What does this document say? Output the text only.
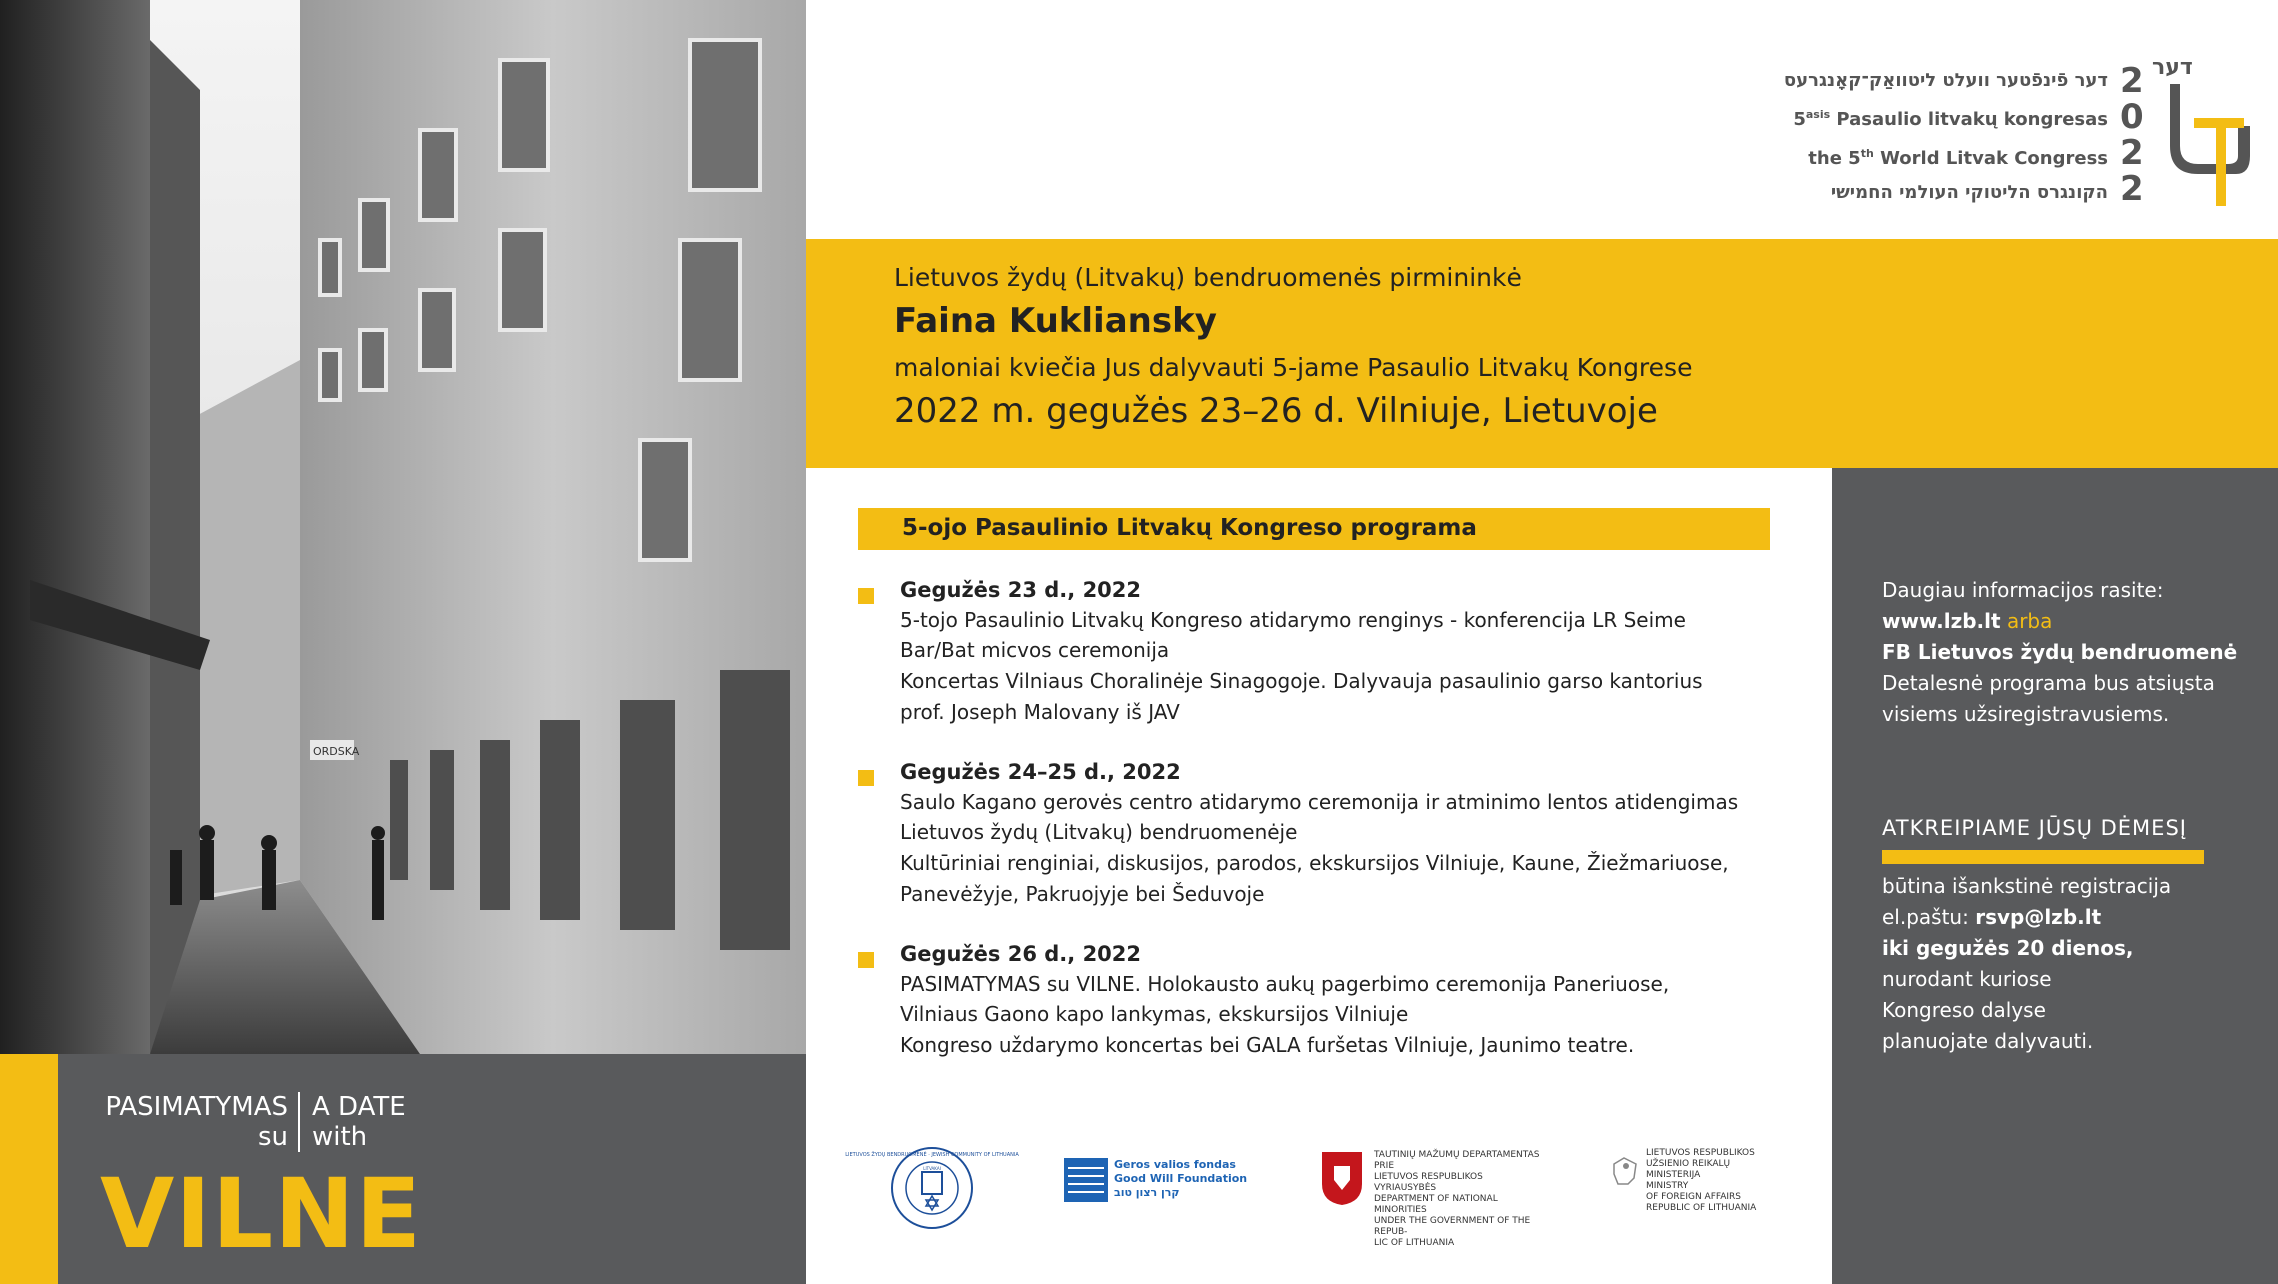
ORDSKA
PASIMATYMAS
su
A DATE
with
VILNE
דער פֿינפֿטער וועלט ליטוואַק־קאָנגרעס
$5^{asis}$ Pasaulio litvakų kongresas
the 5th World Litvak Congress
הקונגרס הליטוקי העולמי החמישי
דער
2
0
2
2
Lietuvos žydų (Litvakų) bendruomenės pirmininkė
Faina Kukliansky
maloniai kviečia Jus dalyvauti 5-jame Pasaulio Litvakų Kongrese
2022 m. gegužės 23–26 d. Vilniuje, Lietuvoje
5-ojo Pasaulinio Litvakų Kongreso programa
Gegužės 23 d., 2022
5-tojo Pasaulinio Litvakų Kongreso atidarymo renginys - konferencija LR Seime
Bar/Bat micvos ceremonija
Koncertas Vilniaus Choralinėje Sinagogoje. Dalyvauja pasaulinio garso kantorius
prof. Joseph Malovany iš JAV
Gegužės 24–25 d., 2022
Saulo Kagano gerovės centro atidarymo ceremonija ir atminimo lentos atidengimas
Lietuvos žydų (Litvakų) bendruomenėje
Kultūriniai renginiai, diskusijos, parodos, ekskursijos Vilniuje, Kaune, Žiežmariuose,
Panevėžyje, Pakruojyje bei Šeduvoje
Gegužės 26 d., 2022
PASIMATYMAS su VILNE. Holokausto aukų pagerbimo ceremonija Paneriuose,
Vilniaus Gaono kapo lankymas, ekskursijos Vilniuje
Kongreso uždarymo koncertas bei GALA furšetas Vilniuje, Jaunimo teatre.
LIETUVOS ŽYDŲ BENDRUOMENĖ · JEWISH COMMUNITY OF LITHUANIA
LITVAKAI	Geros valios fondas
Good Will Foundation
קרן רצון טוב
TAUTINIŲ MAŽUMŲ DEPARTAMENTAS PRIE
LIETUVOS RESPUBLIKOS VYRIAUSYBĖS
DEPARTMENT OF NATIONAL MINORITIES
UNDER THE GOVERNMENT OF THE REPUB-
LIC OF LITHUANIA
LIETUVOS RESPUBLIKOS
UŽSIENIO REIKALŲ
MINISTERIJA
MINISTRY
OF FOREIGN AFFAIRS
REPUBLIC OF LITHUANIA
Daugiau informacijos rasite:
www.lzb.lt arba
FB Lietuvos žydų bendruomenė
Detalesnė programa bus atsiųsta
visiems užsiregistravusiems.
ATKREIPIAME JŪSŲ DĖMESĮ
būtina išankstinė registracija
el.paštu: rsvp@lzb.lt
iki gegužės 20 dienos,
nurodant kuriose
Kongreso dalyse
planuojate dalyvauti.
